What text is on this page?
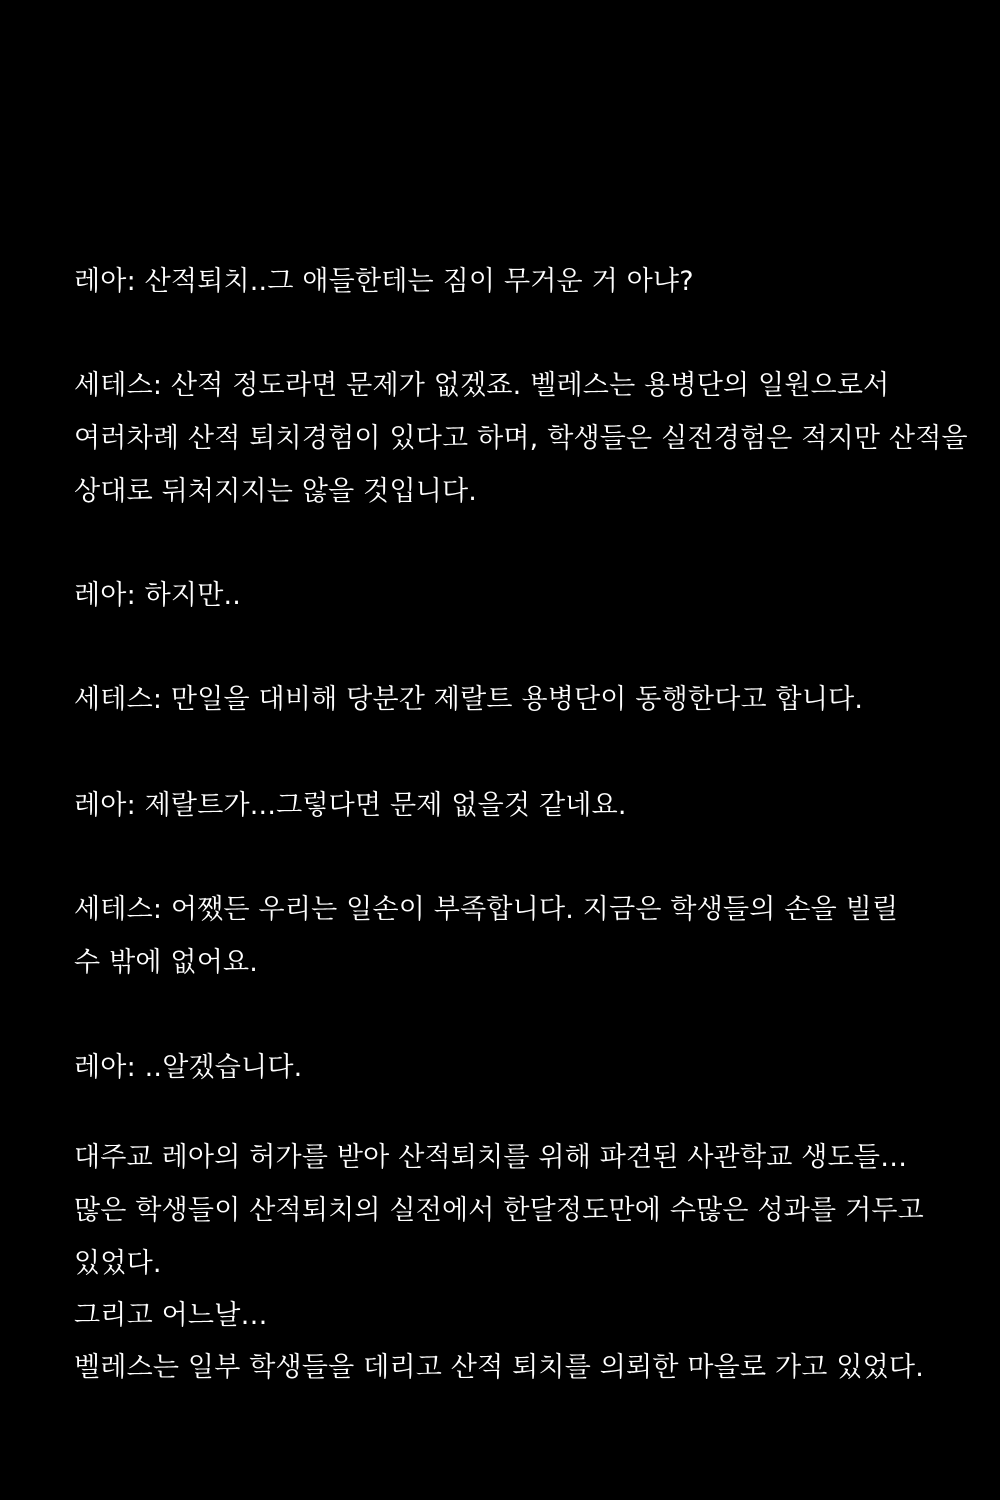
레아: 산적퇴치..그 애들한테는 짐이 무거운 거 아냐?
세테스: 산적 정도라면 문제가 없겠죠. 벨레스는 용병단의 일원으로서
여러차례 산적 퇴치경험이 있다고 하며, 학생들은 실전경험은 적지만 산적을
상대로 뒤처지지는 않을 것입니다.
레아: 하지만..
세테스: 만일을 대비해 당분간 제랄트 용병단이 동행한다고 합니다.
레아: 제랄트가...그렇다면 문제 없을것 같네요.
세테스: 어쨌든 우리는 일손이 부족합니다. 지금은 학생들의 손을 빌릴
수 밖에 없어요.
레아: ..알겠습니다.
대주교 레아의 허가를 받아 산적퇴치를 위해 파견된 사관학교 생도들…
많은 학생들이 산적퇴치의 실전에서 한달정도만에 수많은 성과를 거두고
있었다.
그리고 어느날…
벨레스는 일부 학생들을 데리고 산적 퇴치를 의뢰한 마을로 가고 있었다.
